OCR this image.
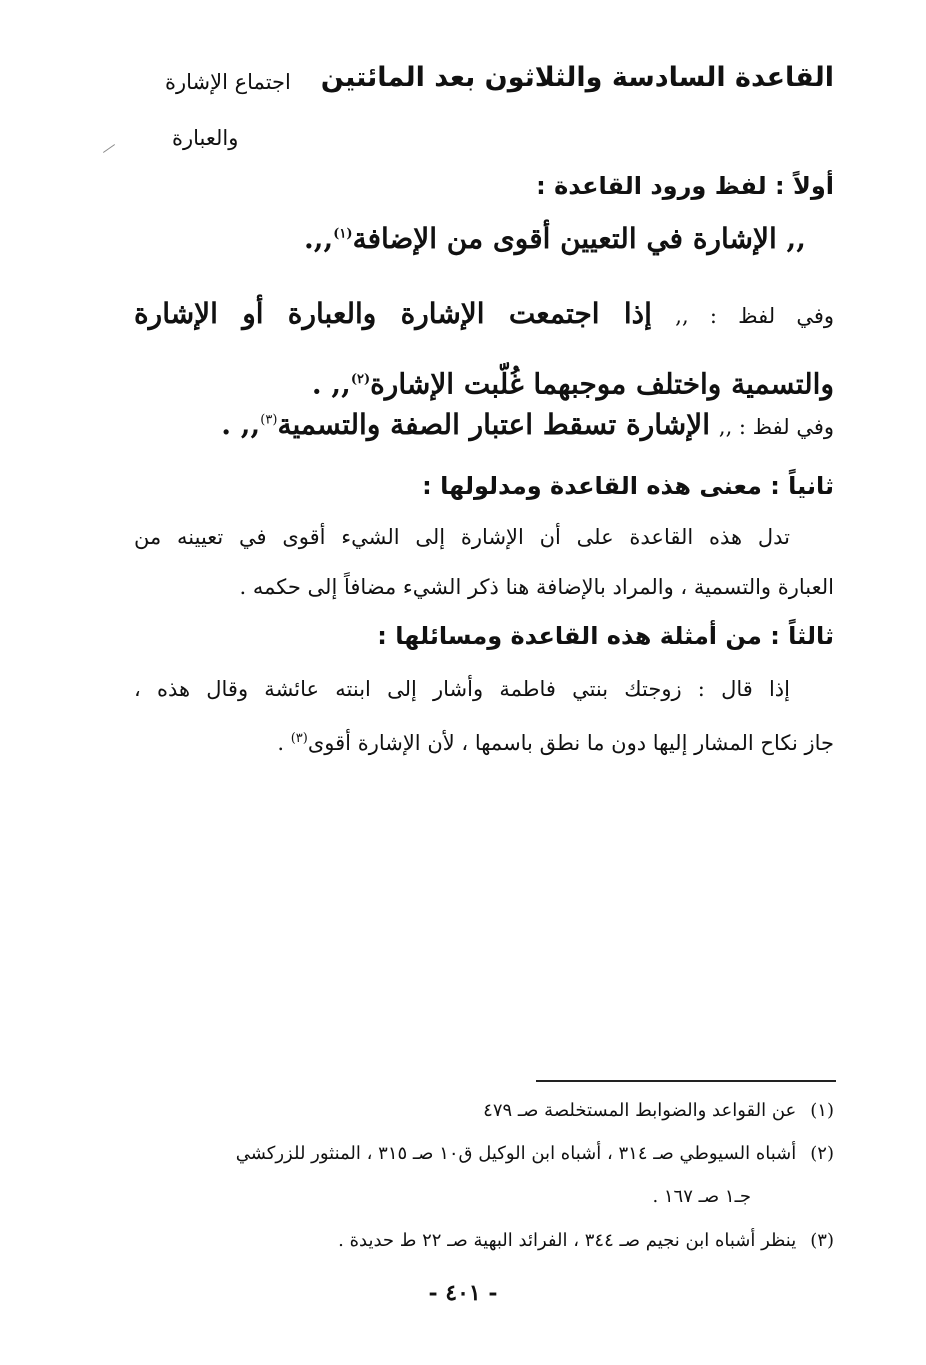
القاعدة السادسة والثلاثون بعد المائتين
اجتماع الإشارة
والعبارة
أولاً : لفظ ورود القاعدة :
,, الإشارة في التعيين أقوى من الإضافة$^{(١)}$,,.
وفي لفظ : ,, إذا اجتمعت الإشارة والعبارة أو الإشارة
والتسمية واختلف موجبهما غُلّبت الإشارة$^{(٢)}$,, .
وفي لفظ : ,, الإشارة تسقط اعتبار الصفة والتسمية$^{(٣)}$,, .
ثانياً : معنى هذه القاعدة ومدلولها :
تدل هذه القاعدة على أن الإشارة إلى الشيء أقوى في تعيينه من
العبارة والتسمية ، والمراد بالإضافة هنا ذكر الشيء مضافاً إلى حكمه .
ثالثاً : من أمثلة هذه القاعدة ومسائلها :
إذا قال : زوجتك بنتي فاطمة وأشار إلى ابنته عائشة وقال هذه ،
جاز نكاح المشار إليها دون ما نطق باسمها ، لأن الإشارة أقوى$^{(٣)}$ .
(١)عن القواعد والضوابط المستخلصة صـ ٤٧٩
(٢)أشباه السيوطي صـ ٣١٤ ، أشباه ابن الوكيل ق١٠ صـ ٣١٥ ، المنثور للزركشي
جـ١ صـ ١٦٧ .
(٣)ينظر أشباه ابن نجيم صـ ٣٤٤ ، الفرائد البهية صـ ٢٢ ط حديدة .
- ٤٠١ -
